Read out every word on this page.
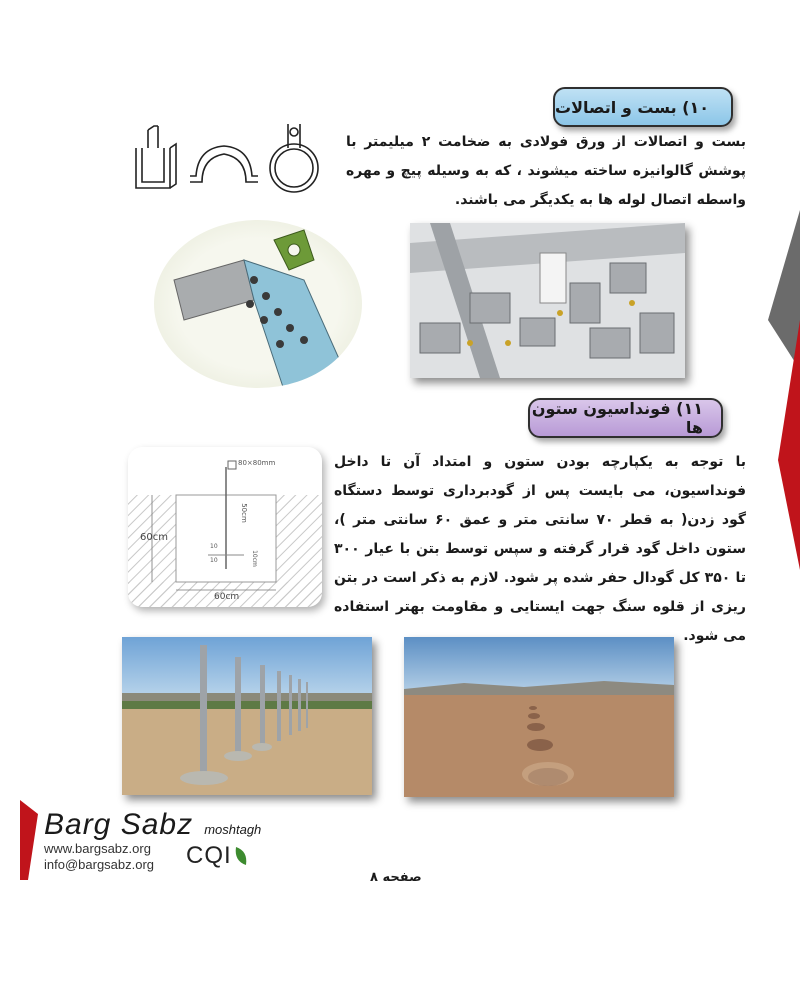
۱۰) بست و اتصالات

بست و اتصالات از ورق فولادی به ضخامت ۲ میلیمتر با پوشش گالوانیزه ساخته میشوند ، که به وسیله پیچ و مهره واسطه اتصال لوله ها به یکدیگر می باشند.

۱۱) فونداسیون ستون ها
80×80mm
50cm
60cm
60cm
10
10	10cm

با توجه به یکپارچه بودن ستون و امتداد آن تا داخل فونداسیون، می بایست پس از گودبرداری توسط دستگاه گود زدن( به قطر ۷۰ سانتی متر و عمق ۶۰ سانتی متر )، ستون داخل گود قرار گرفته و سپس توسط بتن با عیار ۳۰۰ تا ۳۵۰ کل گودال حفر شده پر شود. لازم به ذکر است در بتن ریزی از قلوه سنگ جهت ایستایی و مقاومت بهتر استفاده می شود.

Barg Sabz moshtagh
www.bargsabz.org
info@bargsabz.org CQI
صفحه ۸
